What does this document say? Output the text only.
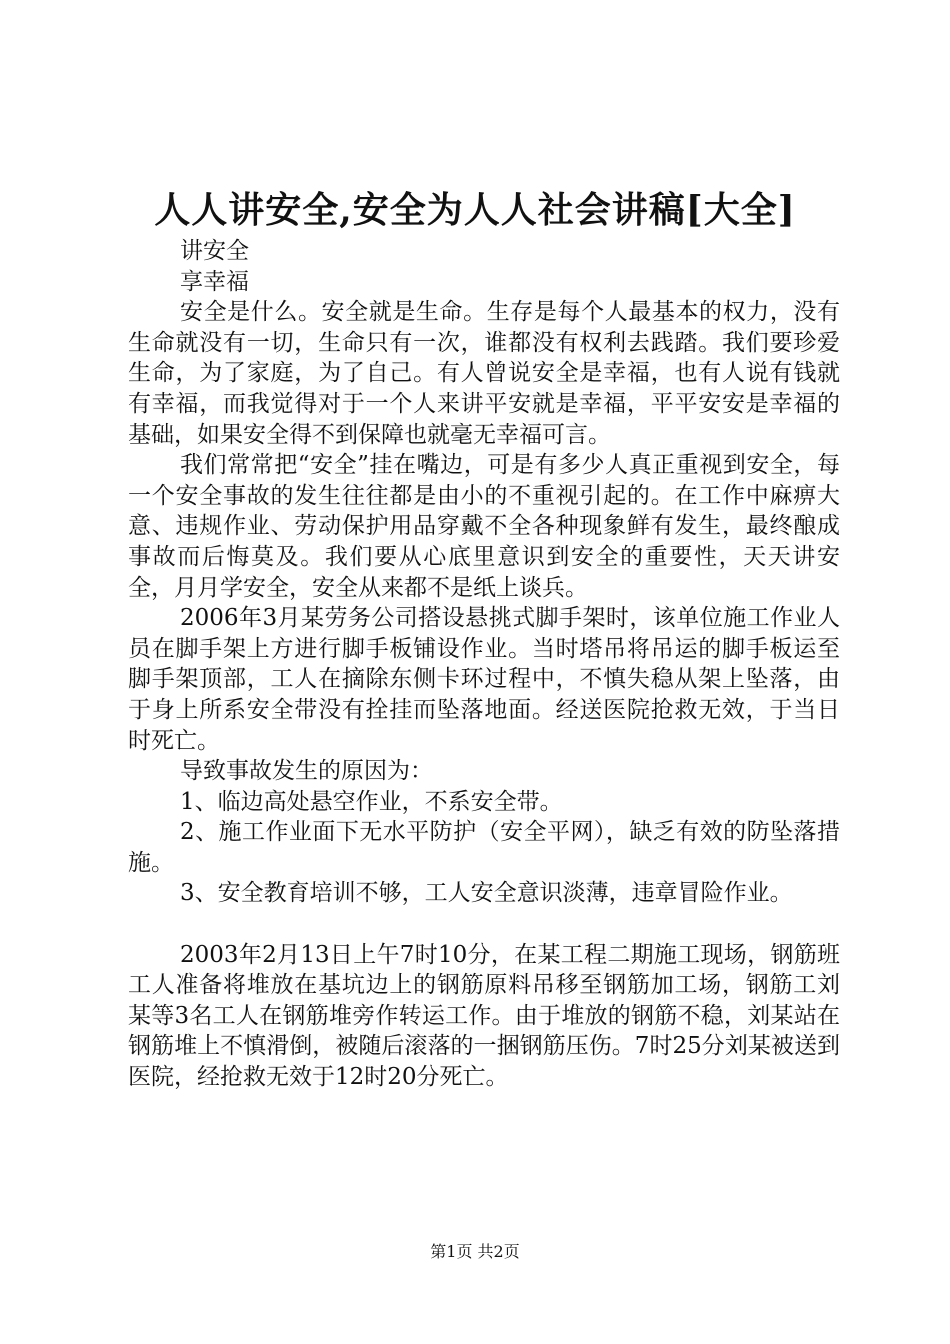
人人讲安全,安全为人人社会讲稿[大全]

讲安全

享幸福

安全是什么。安全就是生命。生存是每个人最基本的权力，没有生命就没有一切，生命只有一次，谁都没有权利去践踏。我们要珍爱生命，为了家庭，为了自己。有人曾说安全是幸福，也有人说有钱就有幸福，而我觉得对于一个人来讲平安就是幸福，平平安安是幸福的基础，如果安全得不到保障也就毫无幸福可言。

我们常常把“安全”挂在嘴边，可是有多少人真正重视到安全，每一个安全事故的发生往往都是由小的不重视引起的。在工作中麻痹大意、违规作业、劳动保护用品穿戴不全各种现象鲜有发生，最终酿成事故而后悔莫及。我们要从心底里意识到安全的重要性，天天讲安全，月月学安全，安全从来都不是纸上谈兵。

2006年3月某劳务公司搭设悬挑式脚手架时，该单位施工作业人员在脚手架上方进行脚手板铺设作业。当时塔吊将吊运的脚手板运至脚手架顶部，工人在摘除东侧卡环过程中，不慎失稳从架上坠落，由于身上所系安全带没有拴挂而坠落地面。经送医院抢救无效，于当日时死亡。

导致事故发生的原因为：

1、临边高处悬空作业，不系安全带。

2、施工作业面下无水平防护（安全平网），缺乏有效的防坠落措施。

3、安全教育培训不够，工人安全意识淡薄，违章冒险作业。

2003年2月13日上午7时10分，在某工程二期施工现场，钢筋班工人准备将堆放在基坑边上的钢筋原料吊移至钢筋加工场，钢筋工刘某等3名工人在钢筋堆旁作转运工作。由于堆放的钢筋不稳，刘某站在钢筋堆上不慎滑倒，被随后滚落的一捆钢筋压伤。7时25分刘某被送到医院，经抢救无效于12时20分死亡。

第1页 共2页
